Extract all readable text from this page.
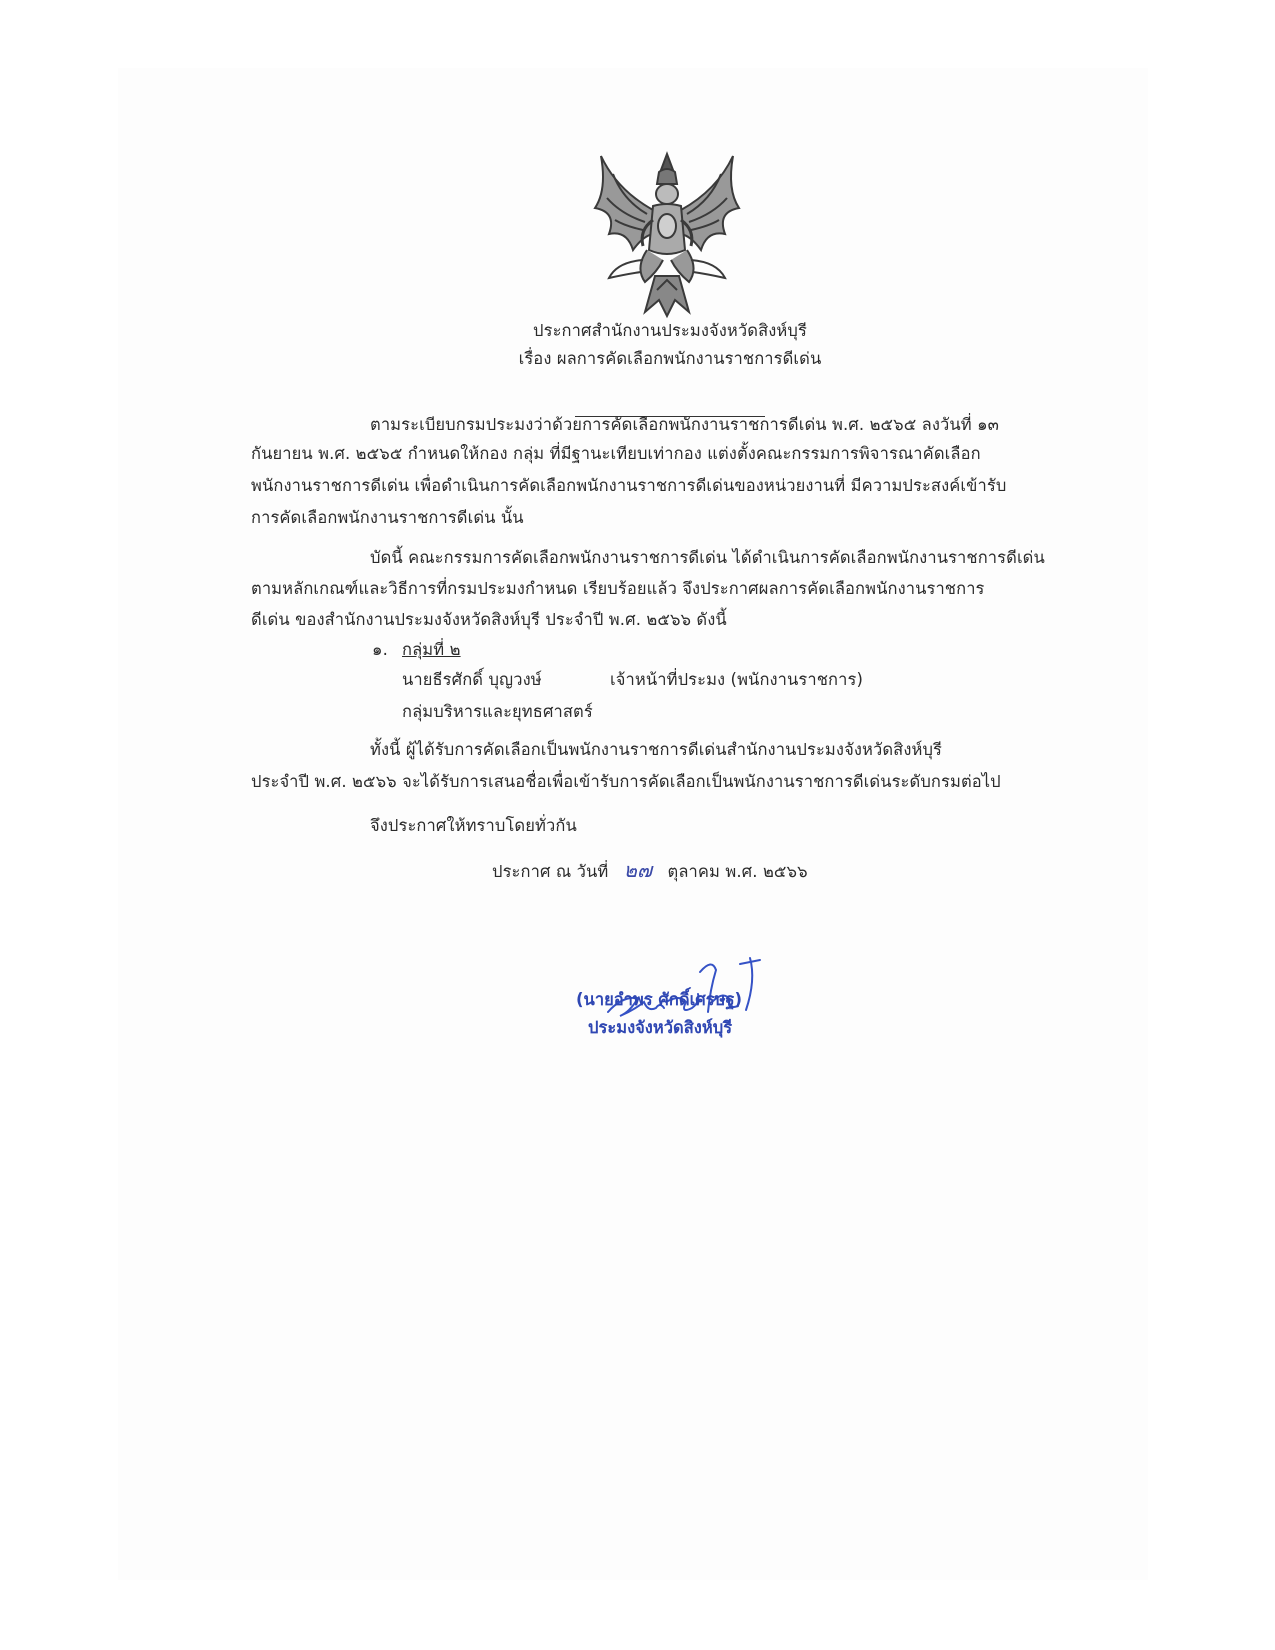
ประกาศสำนักงานประมงจังหวัดสิงห์บุรี
เรื่อง ผลการคัดเลือกพนักงานราชการดีเด่น
ตามระเบียบกรมประมงว่าด้วยการคัดเลือกพนักงานราชการดีเด่น พ.ศ. ๒๕๖๕ ลงวันที่ ๑๓
กันยายน พ.ศ. ๒๕๖๕ กำหนดให้กอง กลุ่ม ที่มีฐานะเทียบเท่ากอง แต่งตั้งคณะกรรมการพิจารณาคัดเลือก
พนักงานราชการดีเด่น เพื่อดำเนินการคัดเลือกพนักงานราชการดีเด่นของหน่วยงานที่ มีความประสงค์เข้ารับ
การคัดเลือกพนักงานราชการดีเด่น นั้น
บัดนี้ คณะกรรมการคัดเลือกพนักงานราชการดีเด่น ได้ดำเนินการคัดเลือกพนักงานราชการดีเด่น
ตามหลักเกณฑ์และวิธีการที่กรมประมงกำหนด เรียบร้อยแล้ว จึงประกาศผลการคัดเลือกพนักงานราชการ
ดีเด่น ของสำนักงานประมงจังหวัดสิงห์บุรี ประจำปี พ.ศ. ๒๕๖๖ ดังนี้
๑. กลุ่มที่ ๒
นายธีรศักดิ์ บุญวงษ์	เจ้าหน้าที่ประมง (พนักงานราชการ)
กลุ่มบริหารและยุทธศาสตร์
ทั้งนี้ ผู้ได้รับการคัดเลือกเป็นพนักงานราชการดีเด่นสำนักงานประมงจังหวัดสิงห์บุรี
ประจำปี พ.ศ. ๒๕๖๖ จะได้รับการเสนอชื่อเพื่อเข้ารับการคัดเลือกเป็นพนักงานราชการดีเด่นระดับกรมต่อไป
จึงประกาศให้ทราบโดยทั่วกัน
ประกาศ ณ วันที่ ๒๗ ตุลาคม พ.ศ. ๒๕๖๖
(นายอำพร ศักดิ์เศรษฐ)
ประมงจังหวัดสิงห์บุรี
